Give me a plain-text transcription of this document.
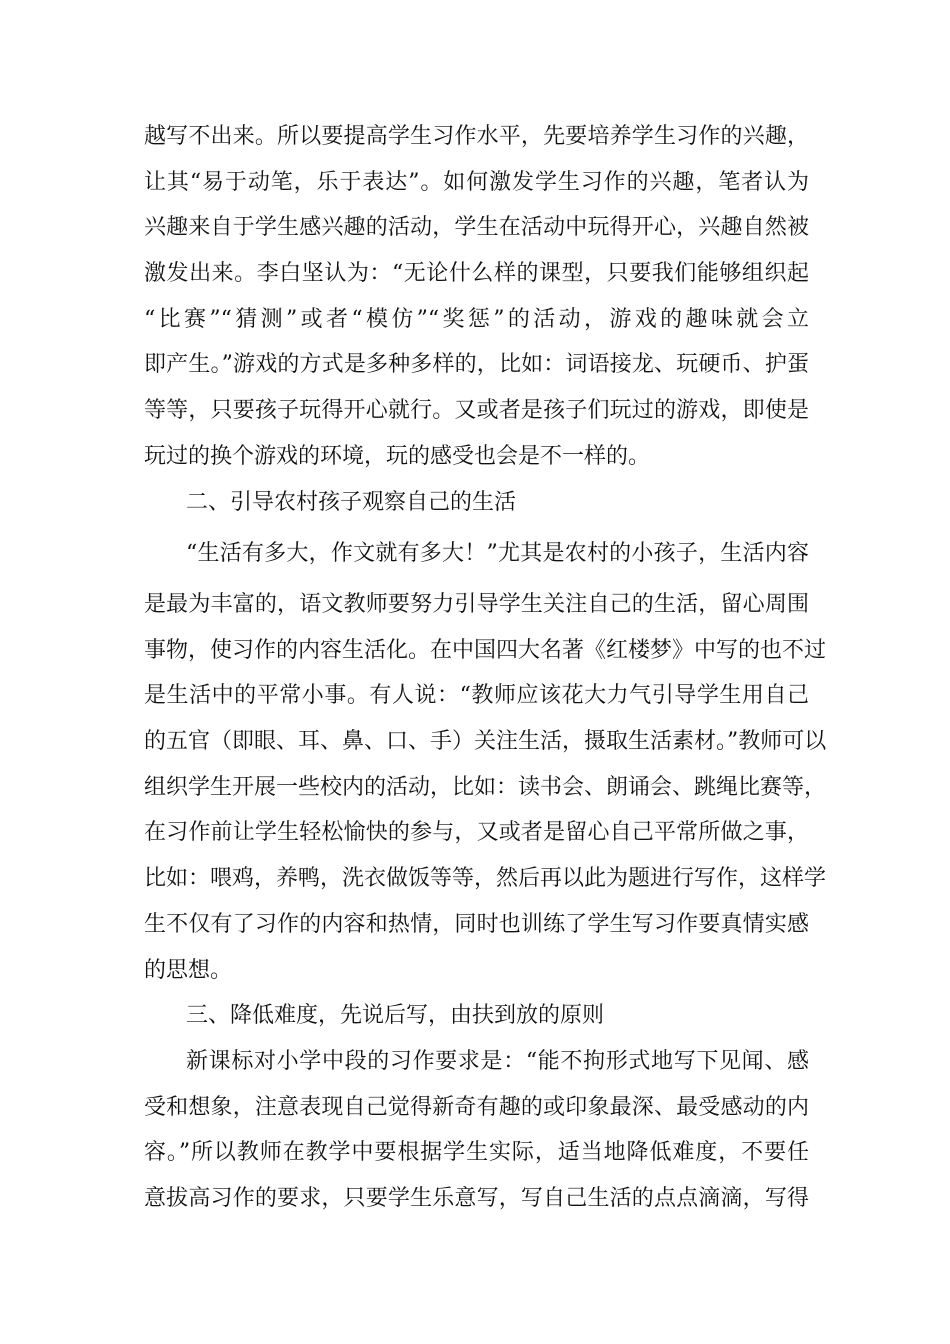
越写不出来。所以要提高学生习作水平，先要培养学生习作的兴趣，
让其“易于动笔，乐于表达”。如何激发学生习作的兴趣，笔者认为
兴趣来自于学生感兴趣的活动，学生在活动中玩得开心，兴趣自然被
激发出来。李白坚认为：“无论什么样的课型，只要我们能够组织起
“比赛”“猜测”或者“模仿”“奖惩”的活动，游戏的趣味就会立
即产生。”游戏的方式是多种多样的，比如：词语接龙、玩硬币、护蛋
等等，只要孩子玩得开心就行。又或者是孩子们玩过的游戏，即使是
玩过的换个游戏的环境，玩的感受也会是不一样的。
二、引导农村孩子观察自己的生活
“生活有多大，作文就有多大！”尤其是农村的小孩子，生活内容
是最为丰富的，语文教师要努力引导学生关注自己的生活，留心周围
事物，使习作的内容生活化。在中国四大名著《红楼梦》中写的也不过
是生活中的平常小事。有人说：“教师应该花大力气引导学生用自己
的五官（即眼、耳、鼻、口、手）关注生活，摄取生活素材。”教师可以
组织学生开展一些校内的活动，比如：读书会、朗诵会、跳绳比赛等，
在习作前让学生轻松愉快的参与，又或者是留心自己平常所做之事，
比如：喂鸡，养鸭，洗衣做饭等等，然后再以此为题进行写作，这样学
生不仅有了习作的内容和热情，同时也训练了学生写习作要真情实感
的思想。
三、降低难度，先说后写，由扶到放的原则
新课标对小学中段的习作要求是：“能不拘形式地写下见闻、感
受和想象，注意表现自己觉得新奇有趣的或印象最深、最受感动的内
容。”所以教师在教学中要根据学生实际，适当地降低难度，不要任
意拔高习作的要求，只要学生乐意写，写自己生活的点点滴滴，写得
